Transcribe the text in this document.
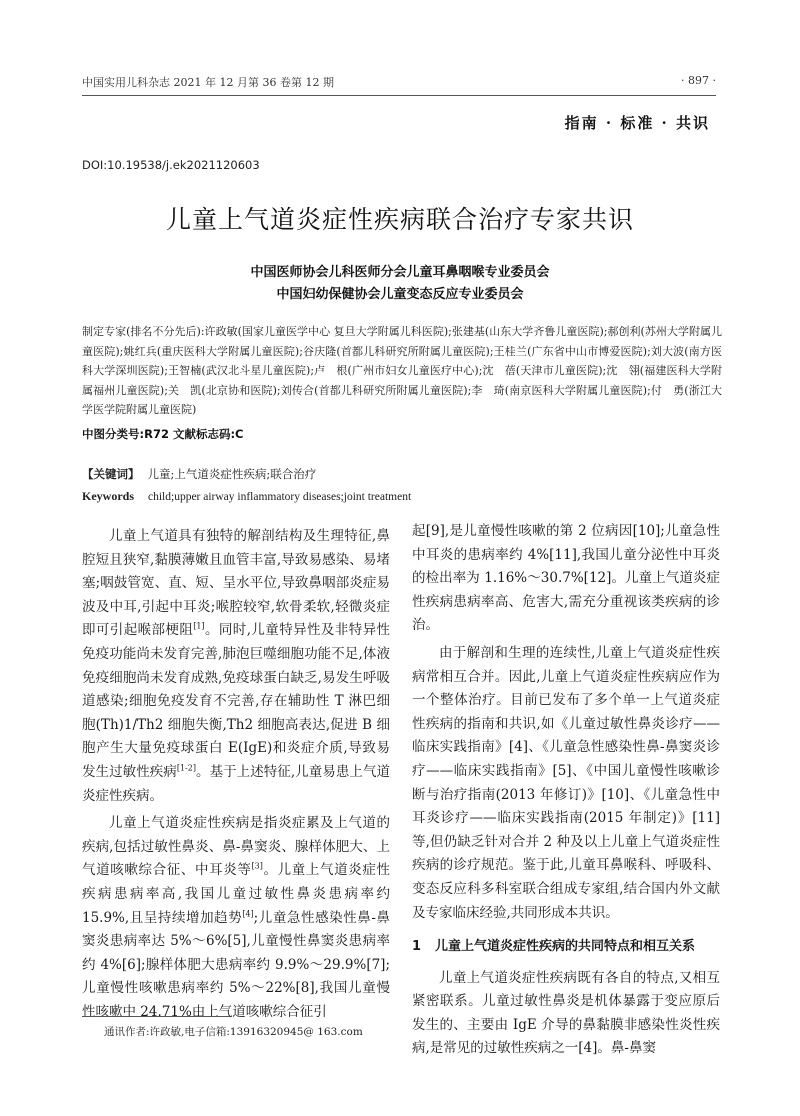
中国实用儿科杂志 2021 年 12 月第 36 卷第 12 期	· 897 ·
指南 · 标准 · 共识
DOI:10.19538/j.ek2021120603
儿童上气道炎症性疾病联合治疗专家共识
中国医师协会儿科医师分会儿童耳鼻咽喉专业委员会
中国妇幼保健协会儿童变态反应专业委员会
制定专家(排名不分先后):许政敏(国家儿童医学中心 复旦大学附属儿科医院);张建基(山东大学齐鲁儿童医院);郝创利(苏州大学附属儿童医院);姚红兵(重庆医科大学附属儿童医院);谷庆隆(首都儿科研究所附属儿童医院);王桂兰(广东省中山市博爱医院);刘大波(南方医科大学深圳医院);王智楠(武汉北斗星儿童医院);卢　根(广州市妇女儿童医疗中心);沈　蓓(天津市儿童医院);沈　翎(福建医科大学附属福州儿童医院);关　凯(北京协和医院);刘传合(首都儿科研究所附属儿童医院);李　琦(南京医科大学附属儿童医院);付　勇(浙江大学医学院附属儿童医院)
中图分类号:R72 文献标志码:C
【关键词】 儿童;上气道炎症性疾病;联合治疗
Keywords child;upper airway inflammatory diseases;joint treatment

儿童上气道具有独特的解剖结构及生理特征,鼻腔短且狭窄,黏膜薄嫩且血管丰富,导致易感染、易堵塞;咽鼓管宽、直、短、呈水平位,导致鼻咽部炎症易波及中耳,引起中耳炎;喉腔较窄,软骨柔软,轻微炎症即可引起喉部梗阻[1]。同时,儿童特异性及非特异性免疫功能尚未发育完善,肺泡巨噬细胞功能不足,体液免疫细胞尚未发育成熟,免疫球蛋白缺乏,易发生呼吸道感染;细胞免疫发育不完善,存在辅助性 T 淋巴细胞(Th)1/Th2 细胞失衡,Th2 细胞高表达,促进 B 细胞产生大量免疫球蛋白 E(IgE)和炎症介质,导致易发生过敏性疾病[1-2]。基于上述特征,儿童易患上气道炎症性疾病。

儿童上气道炎症性疾病是指炎症累及上气道的疾病,包括过敏性鼻炎、鼻-鼻窦炎、腺样体肥大、上气道咳嗽综合征、中耳炎等[3]。儿童上气道炎症性疾病患病率高,我国儿童过敏性鼻炎患病率约 15.9%,且呈持续增加趋势[4];儿童急性感染性鼻-鼻窦炎患病率达 5%～6%[5],儿童慢性鼻窦炎患病率约 4%[6];腺样体肥大患病率约 9.9%～29.9%[7];儿童慢性咳嗽患病率约 5%～22%[8],我国儿童慢性咳嗽中 24.71%由上气道咳嗽综合征引

起[9],是儿童慢性咳嗽的第 2 位病因[10];儿童急性中耳炎的患病率约 4%[11],我国儿童分泌性中耳炎的检出率为 1.16%～30.7%[12]。儿童上气道炎症性疾病患病率高、危害大,需充分重视该类疾病的诊治。

由于解剖和生理的连续性,儿童上气道炎症性疾病常相互合并。因此,儿童上气道炎症性疾病应作为一个整体治疗。目前已发布了多个单一上气道炎症性疾病的指南和共识,如《儿童过敏性鼻炎诊疗——临床实践指南》[4]、《儿童急性感染性鼻-鼻窦炎诊疗——临床实践指南》[5]、《中国儿童慢性咳嗽诊断与治疗指南(2013 年修订)》[10]、《儿童急性中耳炎诊疗——临床实践指南(2015 年制定)》[11]等,但仍缺乏针对合并 2 种及以上儿童上气道炎症性疾病的诊疗规范。鉴于此,儿童耳鼻喉科、呼吸科、变态反应科多科室联合组成专家组,结合国内外文献及专家临床经验,共同形成本共识。

1 儿童上气道炎症性疾病的共同特点和相互关系

儿童上气道炎症性疾病既有各自的特点,又相互紧密联系。儿童过敏性鼻炎是机体暴露于变应原后发生的、主要由 IgE 介导的鼻黏膜非感染性炎性疾病,是常见的过敏性疾病之一[4]。鼻-鼻窦

通讯作者:许政敏,电子信箱:13916320945@ 163.com
